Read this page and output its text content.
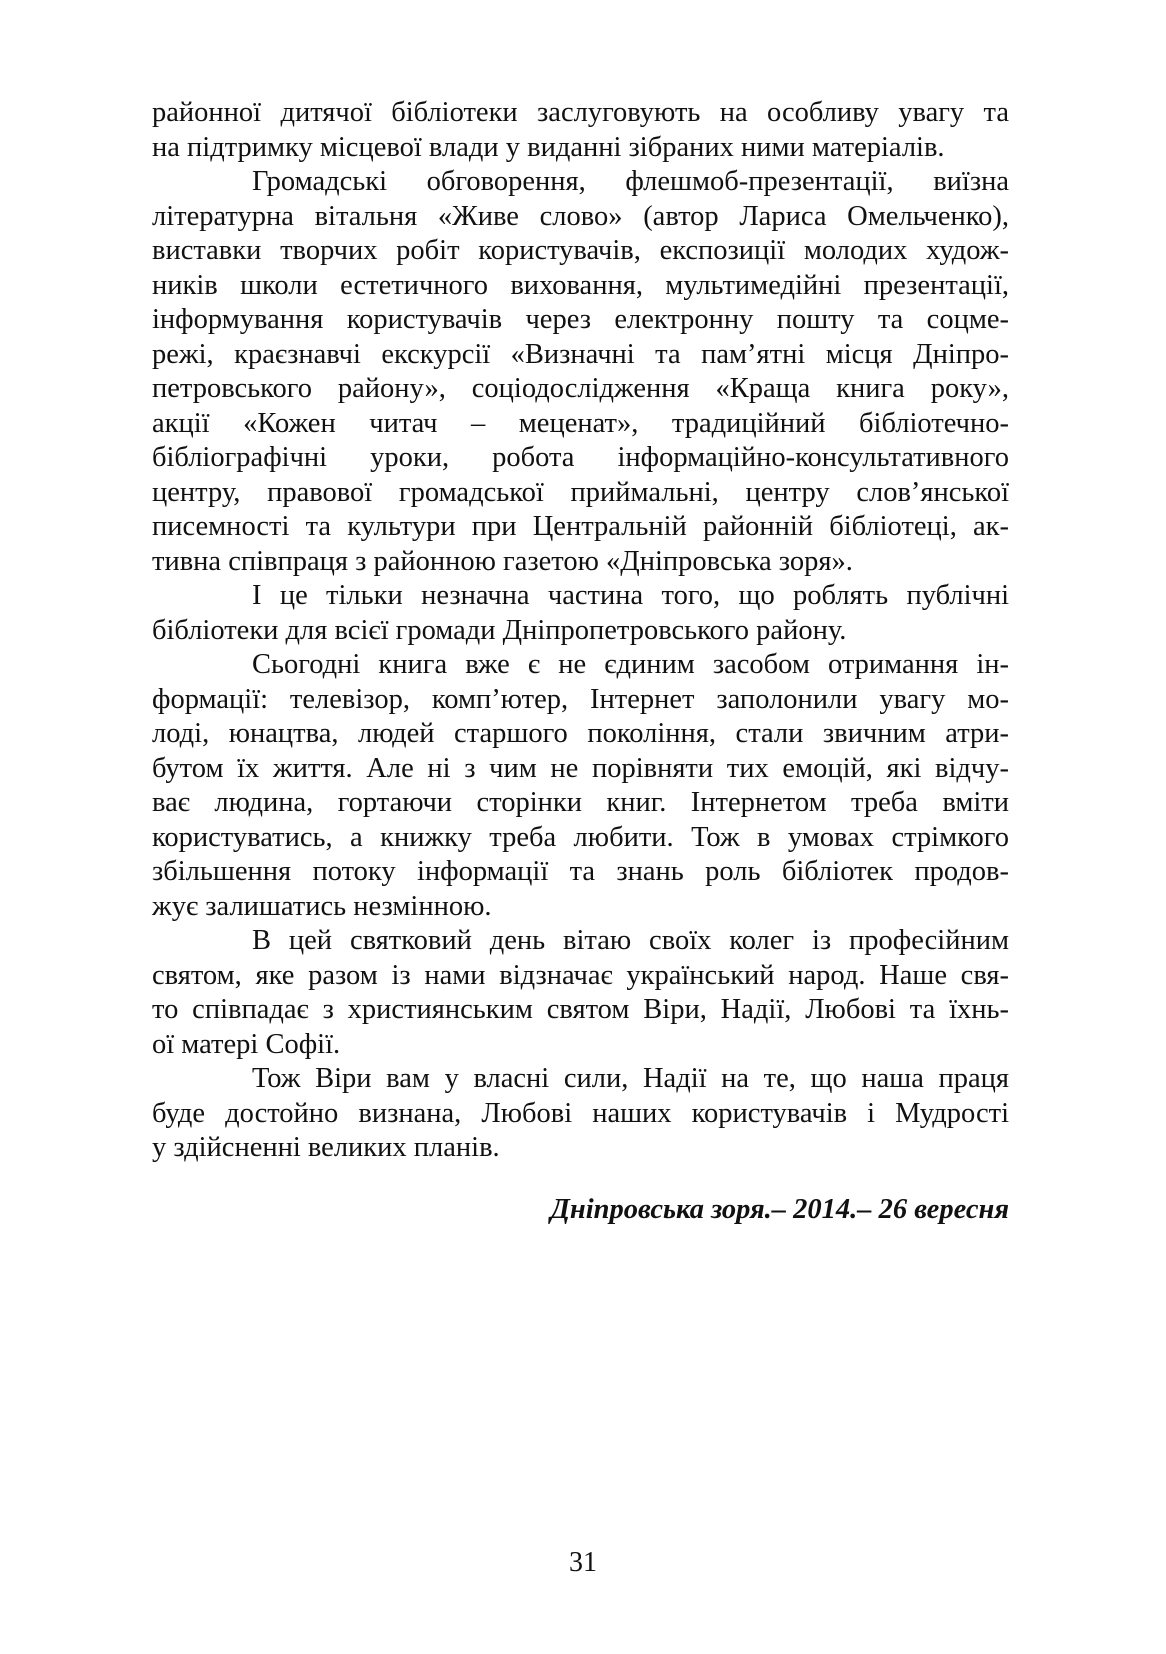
районної дитячої бібліотеки заслуговують на особливу увагу та
на підтримку місцевої влади у виданні зібраних ними матеріалів.
Громадські обговорення, флешмоб-презентації, виїзна
літературна вітальня «Живе слово» (автор Лариса Омельченко),
виставки творчих робіт користувачів, експозиції молодих худож-
ників школи естетичного виховання, мультимедійні презентації,
інформування користувачів через електронну пошту та соцме-
режі, краєзнавчі екскурсії «Визначні та пам’ятні місця Дніпро-
петровського району», соціодослідження «Краща книга року»,
акції «Кожен читач – меценат», традиційний бібліотечно-
бібліографічні уроки, робота інформаційно-консультативного
центру, правової громадської приймальні, центру слов’янської
писемності та культури при Центральній районній бібліотеці, ак-
тивна співпраця з районною газетою «Дніпровська зоря».
І це тільки незначна частина того, що роблять публічні
бібліотеки для всієї громади Дніпропетровського району.
Сьогодні книга вже є не єдиним засобом отримання ін-
формації: телевізор, комп’ютер, Інтернет заполонили увагу мо-
лоді, юнацтва, людей старшого покоління, стали звичним атри-
бутом їх життя. Але ні з чим не порівняти тих емоцій, які відчу-
ває людина, гортаючи сторінки книг. Інтернетом треба вміти
користуватись, а книжку треба любити. Тож в умовах стрімкого
збільшення потоку інформації та знань роль бібліотек продов-
жує залишатись незмінною.
В цей святковий день вітаю своїх колег із професійним
святом, яке разом із нами відзначає український народ. Наше свя-
то співпадає з християнським святом Віри, Надії, Любові та їхнь-
ої матері Софії.
Тож Віри вам у власні сили, Надії на те, що наша праця
буде достойно визнана, Любові наших користувачів і Мудрості
у здійсненні великих планів.
Дніпровська зоря.– 2014.– 26 вересня
31
